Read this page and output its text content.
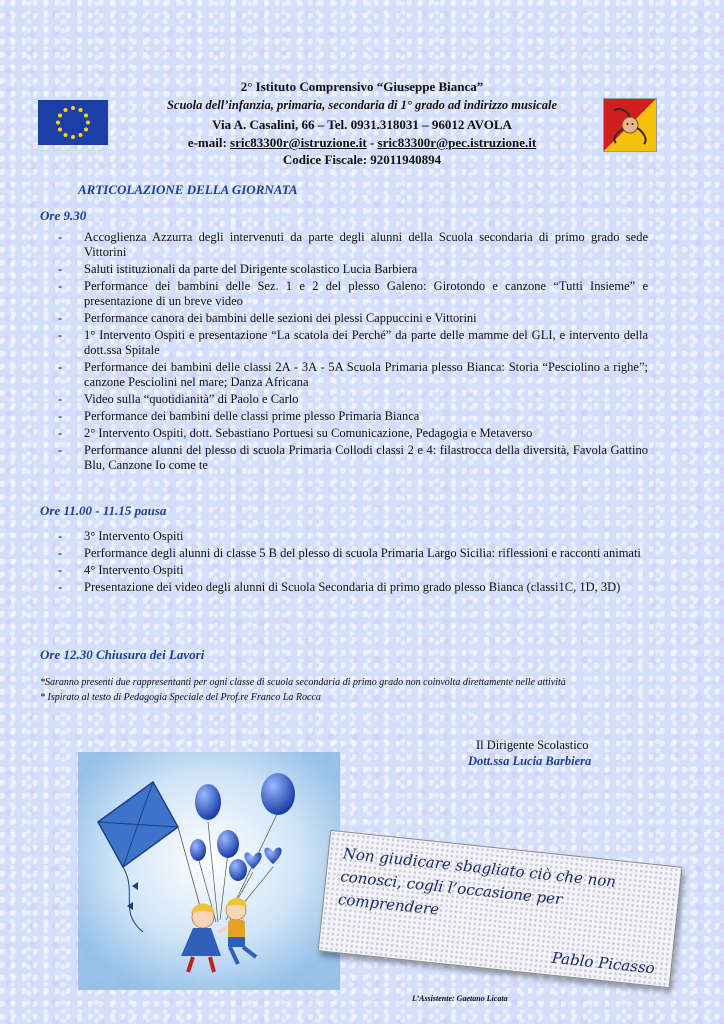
2° Istituto Comprensivo “Giuseppe Bianca”
Scuola dell’infanzia, primaria, secondaria di 1° grado ad indirizzo musicale
Via A. Casalini, 66 – Tel. 0931.318031 – 96012 AVOLA
e-mail: sric83300r@istruzione.it - sric83300r@pec.istruzione.it
Codice Fiscale: 92011940894
ARTICOLAZIONE DELLA GIORNATA
Ore 9.30
- Accoglienza Azzurra degli intervenuti da parte degli alunni della Scuola secondaria di primo grado sede Vittorini
- Saluti istituzionali da parte del Dirigente scolastico Lucia Barbiera
- Performance dei bambini delle Sez. 1 e 2 del plesso Galeno: Girotondo e canzone “Tutti Insieme” e presentazione di un breve video
- Performance canora dei bambini delle sezioni dei plessi Cappuccini e Vittorini
- 1° Intervento Ospiti e presentazione “La scatola dei Perché” da parte delle mamme del GLI, e intervento della dott.ssa Spitale
- Performance dei bambini delle classi 2A - 3A - 5A Scuola Primaria plesso Bianca: Storia “Pesciolino a righe”; canzone Pesciolini nel mare; Danza Africana
- Video sulla “quotidianità” di Paolo e Carlo
- Performance dei bambini delle classi prime plesso Primaria Bianca
- 2° Intervento Ospiti, dott. Sebastiano Portuesi su Comunicazione, Pedagogia e Metaverso
- Performance alunni del plesso di scuola Primaria Collodi classi 2 e 4: filastrocca della diversità, Favola Gattino Blu, Canzone Io come te
Ore 11.00 - 11.15 pausa
- 3° Intervento Ospiti
- Performance degli alunni di classe 5 B del plesso di scuola Primaria Largo Sicilia: riflessioni e racconti animati
- 4° Intervento Ospiti
- Presentazione dei video degli alunni di Scuola Secondaria di primo grado plesso Bianca (classi1C, 1D, 3D)
Ore 12.30 Chiusura dei Lavori
*Saranno presenti due rappresentanti per ogni classe di scuola secondaria di primo grado non coinvolta direttamente nelle attività
* Ispirato al testo di Pedagogia Speciale del Prof.re Franco La Rocca
Il Dirigente Scolastico
Dott.ssa Lucia Barbiera
Non giudicare sbagliato ciò che non conosci, cogli l’occasione per comprendere
Pablo Picasso
L’Assistente: Gaetano Licata
